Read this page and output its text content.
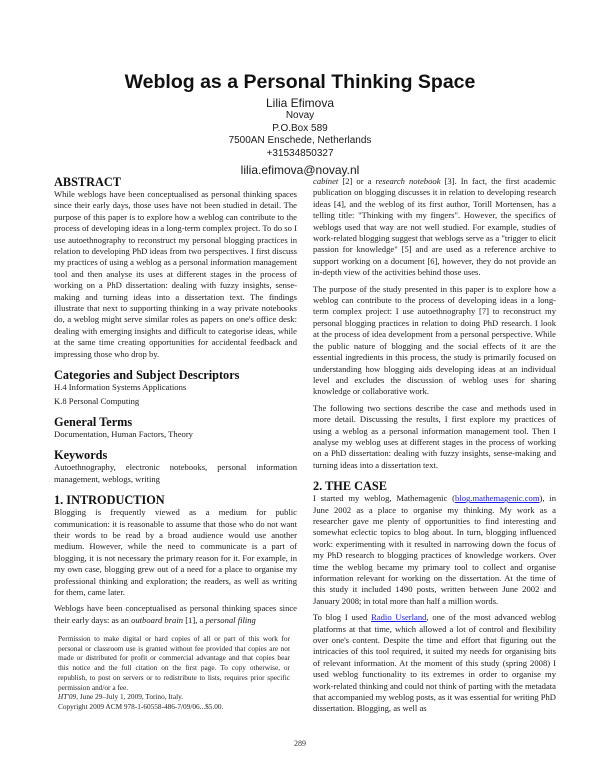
Weblog as a Personal Thinking Space
Lilia Efimova
Novay
P.O.Box 589
7500AN Enschede, Netherlands
+31534850327
lilia.efimova@novay.nl
ABSTRACT

While weblogs have been conceptualised as personal thinking spaces since their early days, those uses have not been studied in detail. The purpose of this paper is to explore how a weblog can contribute to the process of developing ideas in a long-term complex project. To do so I use autoethnography to reconstruct my personal blogging practices in relation to developing PhD ideas from two perspectives. I first discuss my practices of using a weblog as a personal information management tool and then analyse its uses at different stages in the process of working on a PhD dissertation: dealing with fuzzy insights, sense-making and turning ideas into a dissertation text. The findings illustrate that next to supporting thinking in a way private notebooks do, a weblog might serve similar roles as papers on one's office desk: dealing with emerging insights and difficult to categorise ideas, while at the same time creating opportunities for accidental feedback and impressing those who drop by.

Categories and Subject Descriptors

H.4 Information Systems Applications

K.8 Personal Computing

General Terms

Documentation, Human Factors, Theory

Keywords

Autoethnography, electronic notebooks, personal information management, weblogs, writing

1. INTRODUCTION

Blogging is frequently viewed as a medium for public communication: it is reasonable to assume that those who do not want their words to be read by a broad audience would use another medium. However, while the need to communicate is a part of blogging, it is not necessary the primary reason for it. For example, in my own case, blogging grew out of a need for a place to organise my professional thinking and exploration; the readers, as well as writing for them, came later.

Weblogs have been conceptualised as personal thinking spaces since their early days: as an outboard brain [1], a personal filing

Permission to make digital or hard copies of all or part of this work for personal or classroom use is granted without fee provided that copies are not made or distributed for profit or commercial advantage and that copies bear this notice and the full citation on the first page. To copy otherwise, or republish, to post on servers or to redistribute to lists, requires prior specific permission and/or a fee.
HT'09, June 29–July 1, 2009, Torino, Italy.
Copyright 2009 ACM 978-1-60558-486-7/09/06...$5.00.

cabinet [2] or a research notebook [3]. In fact, the first academic publication on blogging discusses it in relation to developing research ideas [4], and the weblog of its first author, Torill Mortensen, has a telling title: "Thinking with my fingers". However, the specifics of weblogs used that way are not well studied. For example, studies of work-related blogging suggest that weblogs serve as a "trigger to elicit passion for knowledge" [5] and are used as a reference archive to support working on a document [6], however, they do not provide an in-depth view of the activities behind those uses.

The purpose of the study presented in this paper is to explore how a weblog can contribute to the process of developing ideas in a long-term complex project: I use autoethnography [7] to reconstruct my personal blogging practices in relation to doing PhD research. I look at the process of idea development from a personal perspective. While the public nature of blogging and the social effects of it are the essential ingredients in this process, the study is primarily focused on understanding how blogging aids developing ideas at an individual level and excludes the discussion of weblog uses for sharing knowledge or collaborative work.

The following two sections describe the case and methods used in more detail. Discussing the results, I first explore my practices of using a weblog as a personal information management tool. Then I analyse my weblog uses at different stages in the process of working on a PhD dissertation: dealing with fuzzy insights, sense-making and turning ideas into a dissertation text.

2. THE CASE

I started my weblog, Mathemagenic (blog.mathemagenic.com), in June 2002 as a place to organise my thinking. My work as a researcher gave me plenty of opportunities to find interesting and somewhat eclectic topics to blog about. In turn, blogging influenced work: experimenting with it resulted in narrowing down the focus of my PhD research to blogging practices of knowledge workers. Over time the weblog became my primary tool to collect and organise information relevant for working on the dissertation. At the time of this study it included 1490 posts, written between June 2002 and January 2008; in total more than half a million words.

To blog I used Radio Userland, one of the most advanced weblog platforms at that time, which allowed a lot of control and flexibility over one's content. Despite the time and effort that figuring out the intricacies of this tool required, it suited my needs for organising bits of relevant information. At the moment of this study (spring 2008) I used weblog functionality to its extremes in order to organise my work-related thinking and could not think of parting with the metadata that accompanied my weblog posts, as it was essential for writing PhD dissertation. Blogging, as well as

289
